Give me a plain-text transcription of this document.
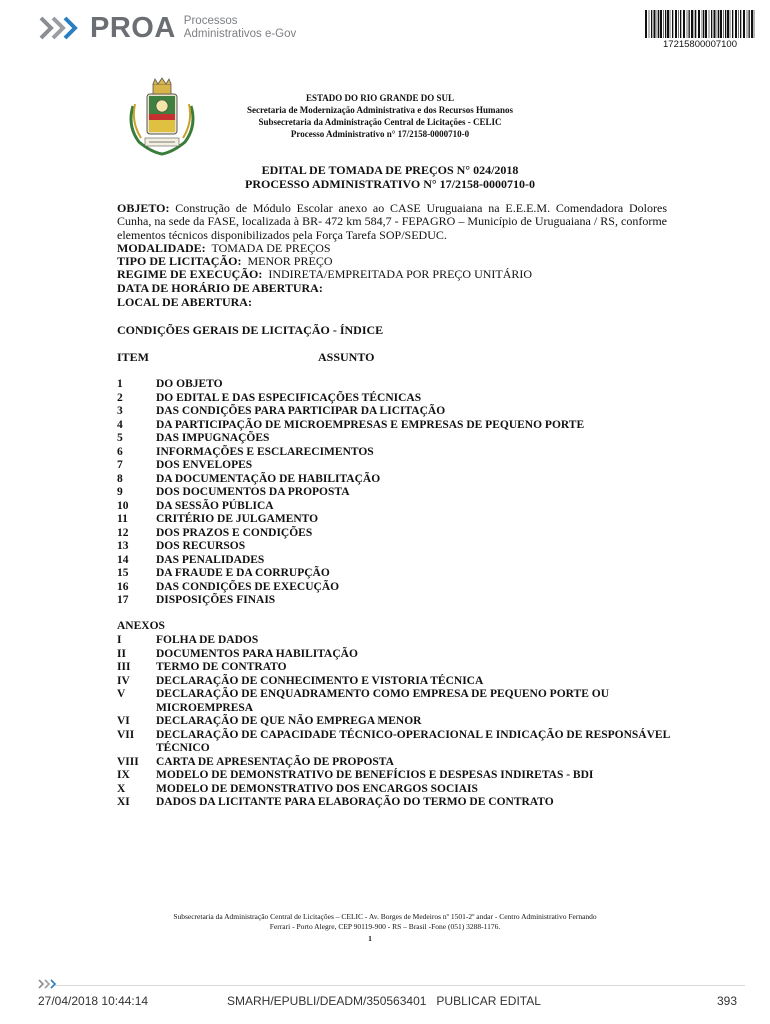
PROA Processos
Administrativos e-Gov
17215800007100
ESTADO DO RIO GRANDE DO SUL
Secretaria de Modernização Administrativa e dos Recursos Humanos
Subsecretaria da Administração Central de Licitações - CELIC
Processo Administrativo n° 17/2158-0000710-0
EDITAL DE TOMADA DE PREÇOS N° 024/2018
PROCESSO ADMINISTRATIVO N° 17/2158-0000710-0
OBJETO: Construção de Módulo Escolar anexo ao CASE Uruguaiana na E.E.E.M. Comendadora Dolores Cunha, na sede da FASE, localizada à BR- 472 km 584,7 - FEPAGRO – Município de Uruguaiana / RS, conforme elementos técnicos disponibilizados pela Força Tarefa SOP/SEDUC.
MODALIDADE:  TOMADA DE PREÇOS
TIPO DE LICITAÇÃO:  MENOR PREÇO
REGIME DE EXECUÇÃO:  INDIRETA/EMPREITADA POR PREÇO UNITÁRIO
DATA DE HORÁRIO DE ABERTURA:
LOCAL DE ABERTURA:
CONDIÇÕES GERAIS DE LICITAÇÃO - ÍNDICE
ITEM	ASSUNTO
1	DO OBJETO
2	DO EDITAL E DAS ESPECIFICAÇÕES TÉCNICAS
3	DAS CONDIÇÕES PARA PARTICIPAR DA LICITAÇÃO
4	DA PARTICIPAÇÃO DE MICROEMPRESAS E EMPRESAS DE PEQUENO PORTE
5	DAS IMPUGNAÇÕES
6	INFORMAÇÕES E ESCLARECIMENTOS
7	DOS ENVELOPES
8	DA DOCUMENTAÇÃO DE HABILITAÇÃO
9	DOS DOCUMENTOS DA PROPOSTA
10	DA SESSÃO PÚBLICA
11	CRITÉRIO DE JULGAMENTO
12	DOS PRAZOS E CONDIÇÕES
13	DOS RECURSOS
14	DAS PENALIDADES
15	DA FRAUDE E DA CORRUPÇÃO
16	DAS CONDIÇÕES DE EXECUÇÃO
17	DISPOSIÇÕES FINAIS
ANEXOS
I	FOLHA DE DADOS
II	DOCUMENTOS PARA HABILITAÇÃO
III	TERMO DE CONTRATO
IV	DECLARAÇÃO DE CONHECIMENTO E VISTORIA TÉCNICA
V	DECLARAÇÃO DE ENQUADRAMENTO COMO EMPRESA DE PEQUENO PORTE OU MICROEMPRESA
VI	DECLARAÇÃO DE QUE NÃO EMPREGA MENOR
VII	DECLARAÇÃO DE CAPACIDADE TÉCNICO-OPERACIONAL E INDICAÇÃO DE RESPONSÁVEL TÉCNICO
VIII	CARTA DE APRESENTAÇÃO DE PROPOSTA
IX	MODELO DE DEMONSTRATIVO DE BENEFÍCIOS E DESPESAS INDIRETAS - BDI
X	MODELO DE DEMONSTRATIVO DOS ENCARGOS SOCIAIS
XI	DADOS DA LICITANTE PARA ELABORAÇÃO DO TERMO DE CONTRATO
Subsecretaria da Administração Central de Licitações – CELIC - Av. Borges de Medeiros nº 1501-2º andar - Centro Administrativo Fernando
Ferrari - Porto Alegre, CEP 90119-900 - RS – Brasil -Fone (051) 3288-1176.
1
27/04/2018 10:44:14	SMARH/EPUBLI/DEADM/350563401   PUBLICAR EDITAL	393
